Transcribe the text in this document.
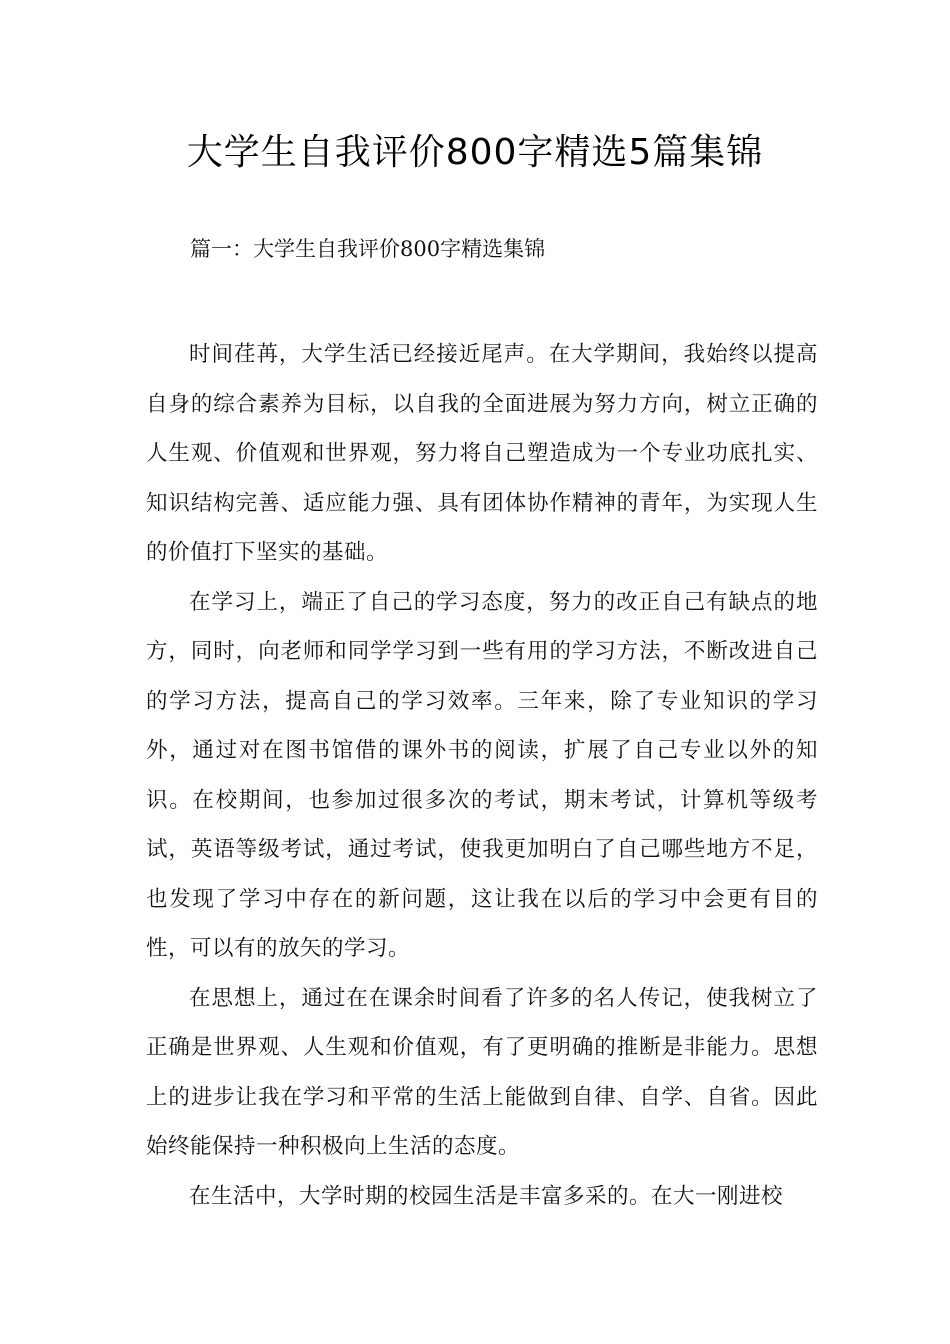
大学生自我评价800字精选5篇集锦

篇一：大学生自我评价800字精选集锦

时间荏苒，大学生活已经接近尾声。在大学期间，我始终以提高自身的综合素养为目标，以自我的全面进展为努力方向，树立正确的人生观、价值观和世界观，努力将自己塑造成为一个专业功底扎实、知识结构完善、适应能力强、具有团体协作精神的青年，为实现人生的价值打下坚实的基础。

在学习上，端正了自己的学习态度，努力的改正自己有缺点的地方，同时，向老师和同学学习到一些有用的学习方法，不断改进自己的学习方法，提高自己的学习效率。三年来，除了专业知识的学习外，通过对在图书馆借的课外书的阅读，扩展了自己专业以外的知识。在校期间，也参加过很多次的考试，期末考试，计算机等级考试，英语等级考试，通过考试，使我更加明白了自己哪些地方不足，也发现了学习中存在的新问题，这让我在以后的学习中会更有目的性，可以有的放矢的学习。

在思想上，通过在在课余时间看了许多的名人传记，使我树立了正确是世界观、人生观和价值观，有了更明确的推断是非能力。思想上的进步让我在学习和平常的生活上能做到自律、自学、自省。因此始终能保持一种积极向上生活的态度。

在生活中，大学时期的校园生活是丰富多采的。在大一刚进校
